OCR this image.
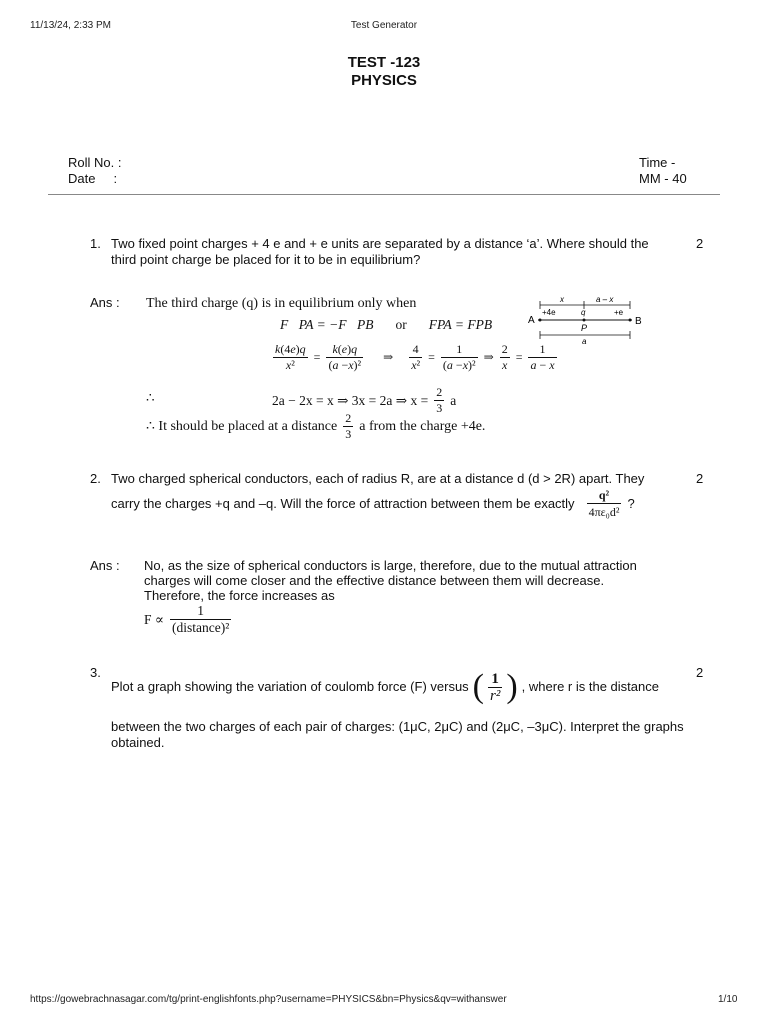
11/13/24, 2:33 PM	Test Generator
TEST -123
PHYSICS
Roll No. :
Date     :
Time -
MM - 40
1. Two fixed point charges + 4 e and + e units are separated by a distance ‘a’. Where should the
third point charge be placed for it to be in equilibrium?
2
Ans : The third charge (q) is in equilibrium only when
F⃗PA = −F⃗PB or FPA = FPB
$\frac{k(4e)q}{\text{x²}} = \frac{k(e)q}{\text{(a −x)²}}$ ⇒ $\frac{4}{\text{x²}} = \frac{1}{\text{(a −x)²}}$ ⇒ $\frac{2}{x} = \frac{1}{a - x}$
∴	2a − 2x = x ⇒ 3x = 2a ⇒ $x = \frac{2}{3}$ a
∴ It should be placed at a distance $\frac{2}{3}$ a from the charge +4e.
x	a – x
+4e	q	+e
A	B
P
a
2. Two charged spherical conductors, each of radius R, are at a distance d (d > 2R) apart. They	2
carry the charges +q and –q. Will the force of attraction between them be exactly $\frac{\text{q²}}{\text{4πε₀d²}}$ ?
Ans : No, as the size of spherical conductors is large, therefore, due to the mutual attraction
charges will come closer and the effective distance between them will decrease.
Therefore, the force increases as
$F \propto \frac{1}{\text{(distance)²}}$
3.	2
Plot a graph showing the variation of coulomb force (F) versus ( $\frac{1}{\text{r²}}$ ) , where r is the distance
between the two charges of each pair of charges: (1μC, 2μC) and (2μC, –3μC). Interpret the graphs
obtained.
https://gowebrachnasagar.com/tg/print-englishfonts.php?username=PHYSICS&bn=Physics&qv=withanswer	1/10
